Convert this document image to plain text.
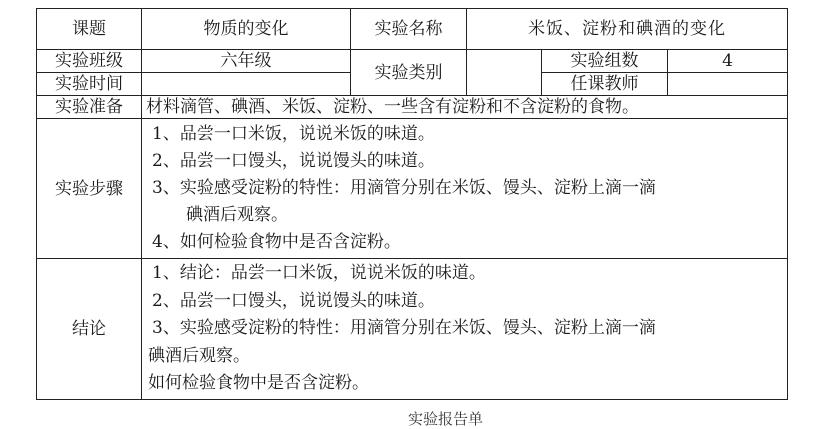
课题	物质的变化	实验名称	米饭、淀粉和碘酒的变化		
实验班级	六年级	实验类别		实验组数	4
实验时间				任课教师	
实验准备	材料滴管、碘酒、米饭、淀粉、一些含有淀粉和不含淀粉的食物。				
实验步骤	1、品尝一口米饭，说说米饭的味道。
2、品尝一口馒头，说说馒头的味道。
3、实验感受淀粉的特性：用滴管分别在米饭、馒头、淀粉上滴一滴
碘酒后观察。
4、如何检验食物中是否含淀粉。				

结论	1、结论：品尝一口米饭，说说米饭的味道。
2、品尝一口馒头，说说馒头的味道。
3、实验感受淀粉的特性：用滴管分别在米饭、馒头、淀粉上滴一滴
碘酒后观察。
如何检验食物中是否含淀粉。				
实验报告单
